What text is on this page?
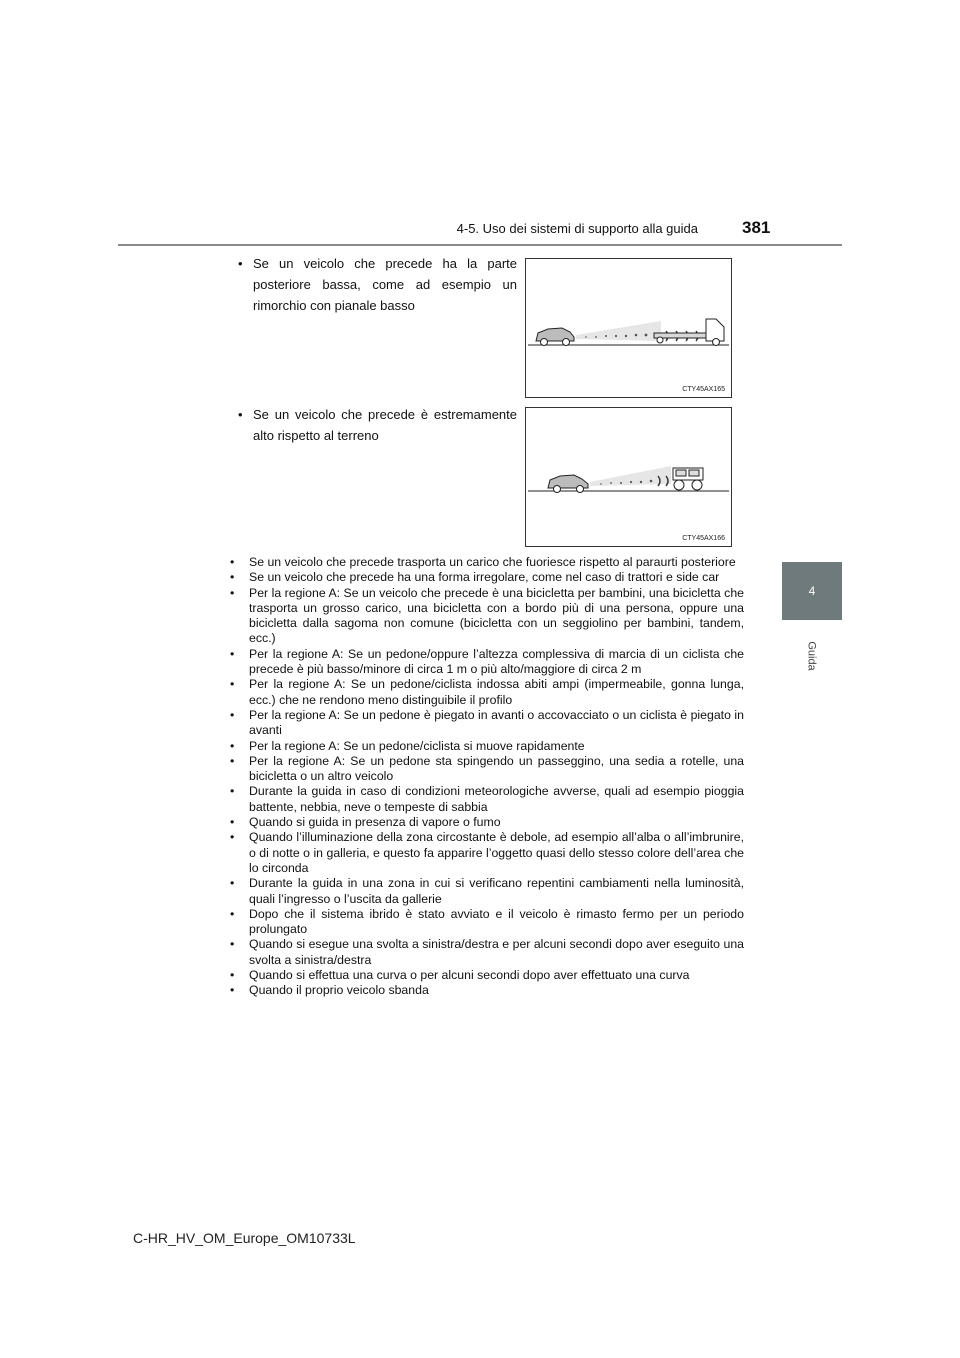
4-5. Uso dei sistemi di supporto alla guida	381
4
Guida
• Se un veicolo che precede ha la parte posteriore bassa, come ad esempio un rimorchio con pianale basso
CTY45AX165
• Se un veicolo che precede è estremamente alto rispetto al terreno
CTY45AX166
• Se un veicolo che precede trasporta un carico che fuoriesce rispetto al paraurti posteriore
• Se un veicolo che precede ha una forma irregolare, come nel caso di trattori e side car
• Per la regione A: Se un veicolo che precede è una bicicletta per bambini, una bicicletta che trasporta un grosso carico, una bicicletta con a bordo più di una persona, oppure una bicicletta dalla sagoma non comune (bicicletta con un seggiolino per bambini, tandem, ecc.)
• Per la regione A: Se un pedone/oppure l’altezza complessiva di marcia di un ciclista che precede è più basso/minore di circa 1 m o più alto/maggiore di circa 2 m
• Per la regione A: Se un pedone/ciclista indossa abiti ampi (impermeabile, gonna lunga, ecc.) che ne rendono meno distinguibile il profilo
• Per la regione A: Se un pedone è piegato in avanti o accovacciato o un ciclista è piegato in avanti
• Per la regione A: Se un pedone/ciclista si muove rapidamente
• Per la regione A: Se un pedone sta spingendo un passeggino, una sedia a rotelle, una bicicletta o un altro veicolo
• Durante la guida in caso di condizioni meteorologiche avverse, quali ad esempio pioggia battente, nebbia, neve o tempeste di sabbia
• Quando si guida in presenza di vapore o fumo
• Quando l’illuminazione della zona circostante è debole, ad esempio all’alba o all’imbrunire, o di notte o in galleria, e questo fa apparire l’oggetto quasi dello stesso colore dell’area che lo circonda
• Durante la guida in una zona in cui si verificano repentini cambiamenti nella luminosità, quali l’ingresso o l’uscita da gallerie
• Dopo che il sistema ibrido è stato avviato e il veicolo è rimasto fermo per un periodo prolungato
• Quando si esegue una svolta a sinistra/destra e per alcuni secondi dopo aver eseguito una svolta a sinistra/destra
• Quando si effettua una curva o per alcuni secondi dopo aver effettuato una curva
• Quando il proprio veicolo sbanda
C-HR_HV_OM_Europe_OM10733L
